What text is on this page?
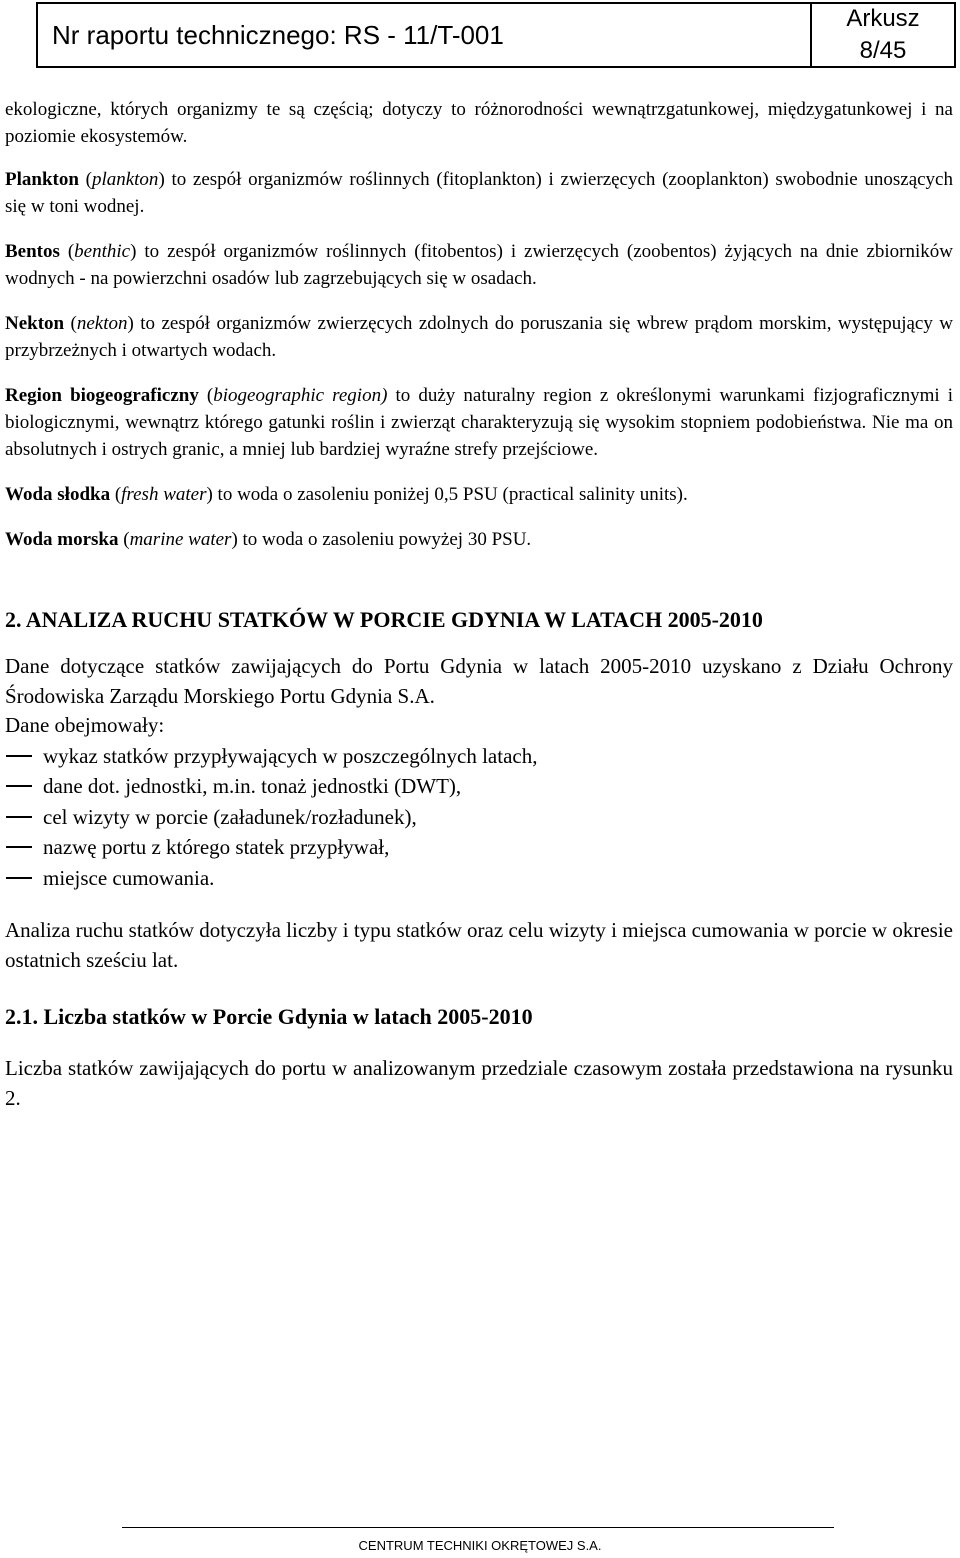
Nr raportu technicznego: RS - 11/T-001
Arkusz
8/45

ekologiczne, których organizmy te są częścią; dotyczy to różnorodności wewnątrzgatunkowej, międzygatunkowej i na poziomie ekosystemów.

Plankton (plankton) to zespół organizmów roślinnych (fitoplankton) i zwierzęcych (zooplankton) swobodnie unoszących się w toni wodnej.

Bentos (benthic) to zespół organizmów roślinnych (fitobentos) i zwierzęcych (zoobentos) żyjących na dnie zbiorników wodnych - na powierzchni osadów lub zagrzebujących się w osadach.

Nekton (nekton) to zespół organizmów zwierzęcych zdolnych do poruszania się wbrew prądom morskim, występujący w przybrzeżnych i otwartych wodach.

Region biogeograficzny (biogeographic region) to duży naturalny region z określonymi warunkami fizjograficznymi i biologicznymi, wewnątrz którego gatunki roślin i zwierząt charakteryzują się wysokim stopniem podobieństwa. Nie ma on absolutnych i ostrych granic, a mniej lub bardziej wyraźne strefy przejściowe.

Woda słodka (fresh water) to woda o zasoleniu poniżej 0,5 PSU (practical salinity units).

Woda morska (marine water) to woda o zasoleniu powyżej 30 PSU.

2. ANALIZA RUCHU STATKÓW W PORCIE GDYNIA W LATACH 2005-2010

Dane dotyczące statków zawijających do Portu Gdynia w latach 2005-2010 uzyskano z Działu Ochrony Środowiska Zarządu Morskiego Portu Gdynia S.A.

Dane obejmowały:

wykaz statków przypływających w poszczególnych latach,
dane dot. jednostki, m.in. tonaż jednostki (DWT),
cel wizyty w porcie (załadunek/rozładunek),
nazwę portu z którego statek przypływał,
miejsce cumowania.

Analiza ruchu statków dotyczyła liczby i typu statków oraz celu wizyty i miejsca cumowania w porcie w okresie ostatnich sześciu lat.

2.1. Liczba statków w Porcie Gdynia w latach 2005-2010

Liczba statków zawijających do portu w analizowanym przedziale czasowym została przedstawiona na rysunku 2.

CENTRUM TECHNIKI OKRĘTOWEJ S.A.
